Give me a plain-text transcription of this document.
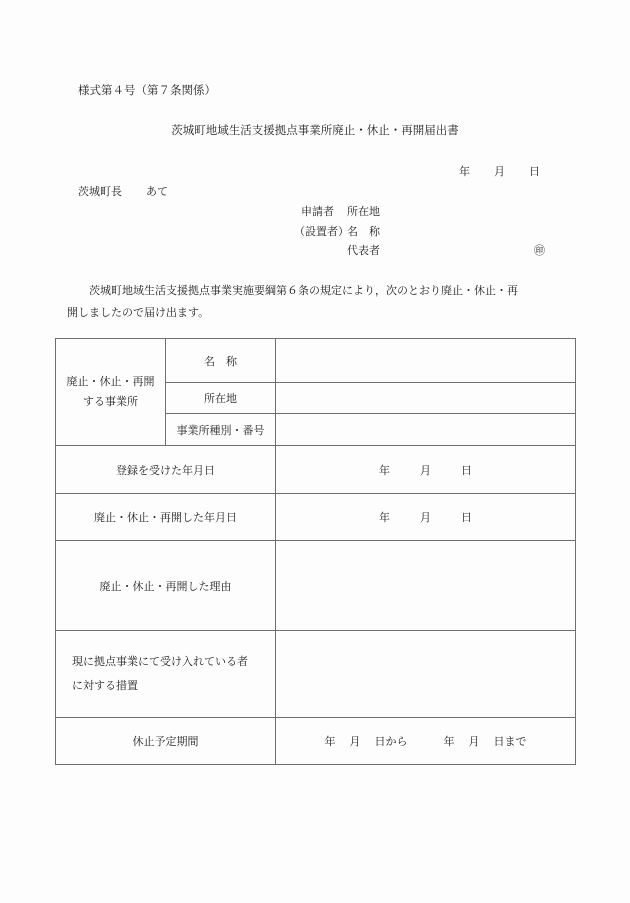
様式第４号（第７条関係）
茨城町地域生活支援拠点事業所廃止・休止・再開届出書
年 月 日
茨城町長 あて
申請者 所在地
（設置者）
名　称
代表者	㊞
茨城町地域生活支援拠点事業実施要綱第６条の規定により，次のとおり廃止・休止・再
開しましたので届け出ます。
廃止・休止・再開
する事業所	名　称	
	所在地	
	事業所種別・番号	
登録を受けた年月日		年 月 日
廃止・休止・再開した年月日		年 月 日
廃止・休止・再開した理由		
現に拠点事業にて受け入れている者
に対する措置		
休止予定期間		年 月 日から 年 月 日まで
